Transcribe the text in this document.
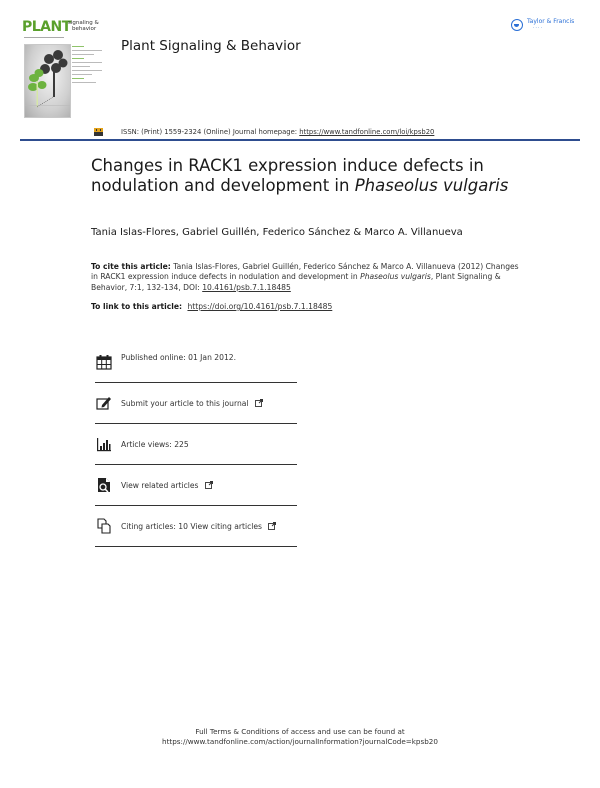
PLANT
signaling &
behavior
Plant Signaling & Behavior
Taylor & Francis
· · · ·
ISSN: (Print) 1559-2324 (Online) Journal homepage: https://www.tandfonline.com/loi/kpsb20
Changes in RACK1 expression induce defects in nodulation and development in Phaseolus vulgaris
Tania Islas-Flores, Gabriel Guillén, Federico Sánchez & Marco A. Villanueva
To cite this article: Tania Islas-Flores, Gabriel Guillén, Federico Sánchez & Marco A. Villanueva (2012) Changes in RACK1 expression induce defects in nodulation and development in Phaseolus vulgaris, Plant Signaling & Behavior, 7:1, 132-134, DOI: 10.4161/psb.7.1.18485
To link to this article: https://doi.org/10.4161/psb.7.1.18485
Published online: 01 Jan 2012.
Submit your article to this journal
Article views: 225
View related articles
Citing articles: 10 View citing articles
Full Terms & Conditions of access and use can be found at
https://www.tandfonline.com/action/journalInformation?journalCode=kpsb20
